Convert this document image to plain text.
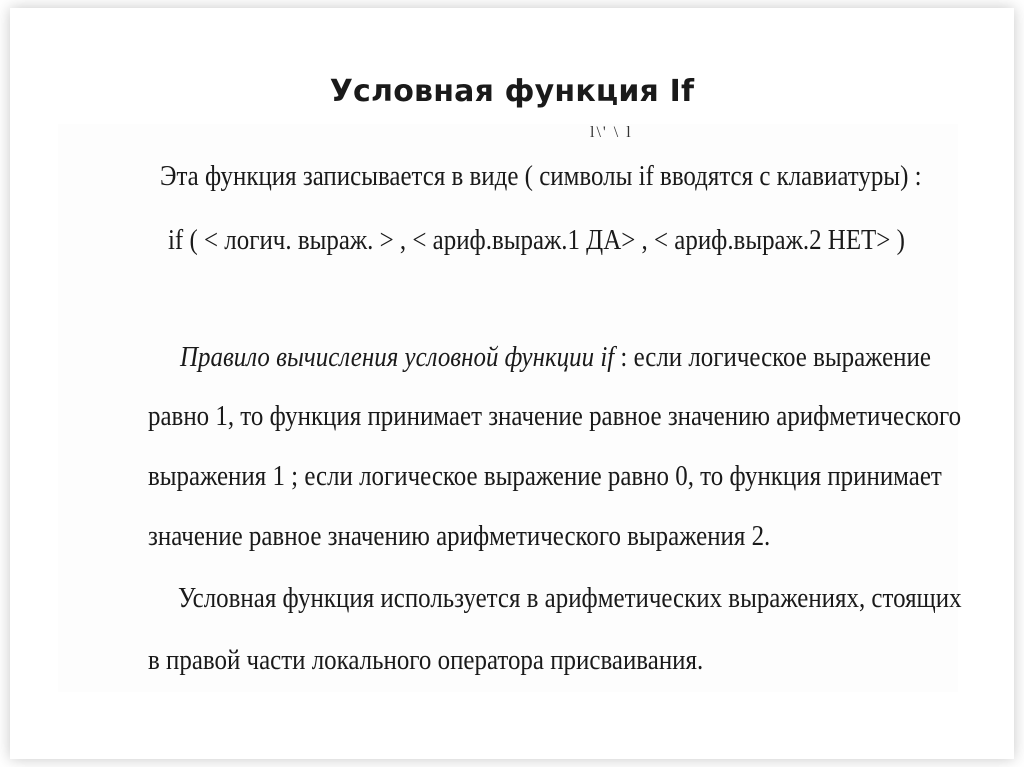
Условная функция If
l\' \ l
Эта функция записывается в виде ( символы if вводятся с клавиатуры) :
if ( < логич. выраж. > , < ариф.выраж.1 ДА> , < ариф.выраж.2 НЕТ> )
Правило вычисления условной функции if : если логическое выражение
равно 1, то функция принимает значение равное значению арифметического
выражения 1 ; если логическое выражение равно 0, то функция принимает
значение равное значению арифметического выражения 2.
Условная функция используется в арифметических выражениях, стоящих
в правой части локального оператора присваивания.
